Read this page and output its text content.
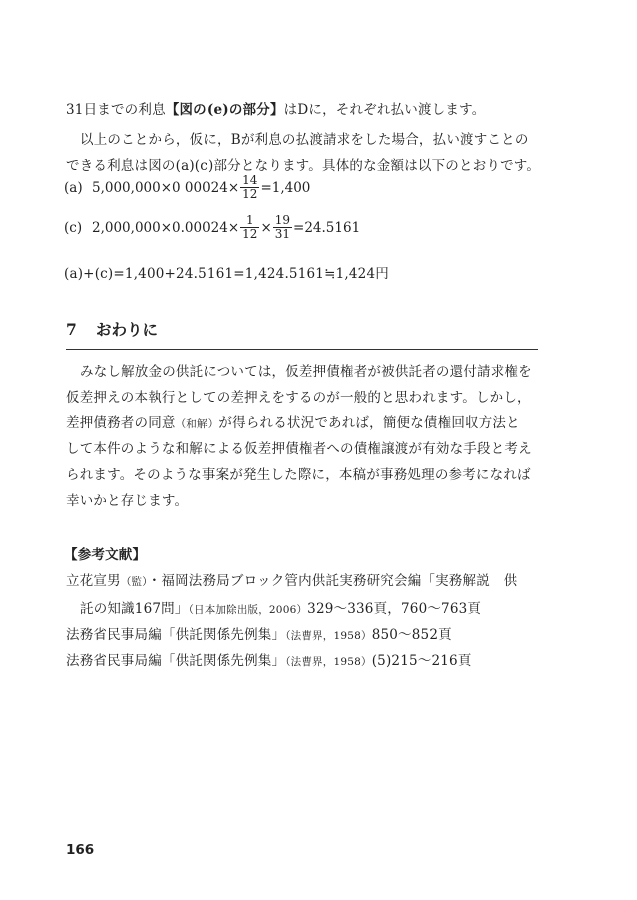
31日までの利息【図の(e)の部分】はDに，それぞれ払い渡します。
以上のことから，仮に，Bが利息の払渡請求をした場合，払い渡すことの
できる利息は図の(a)(c)部分となります。具体的な金額は以下のとおりです。
(a) 5,000,000×0 $00024\times \frac{14}{12} =1,400$
(c) $2,000,000\times 0.00024\times \frac{1}{12} \times \frac{19}{31} =24.5161$
(a)+(c)=1,400+24.5161=1,424.5161≒1,424円
7 おわりに
みなし解放金の供託については，仮差押債権者が被供託者の還付請求権を
仮差押えの本執行としての差押えをするのが一般的と思われます。しかし，
差押債務者の同意（和解）が得られる状況であれば，簡便な債権回収方法と
して本件のような和解による仮差押債権者への債権譲渡が有効な手段と考え
られます。そのような事案が発生した際に，本稿が事務処理の参考になれば
幸いかと存じます。
【参考文献】
立花宣男（監）・福岡法務局ブロック管内供託実務研究会編「実務解説　供
託の知識167問」（日本加除出版，2006）329〜336頁，760〜763頁
法務省民事局編「供託関係先例集」（法曹界，1958）850〜852頁
法務省民事局編「供託関係先例集」（法曹界，1958）(5)215〜216頁
166
